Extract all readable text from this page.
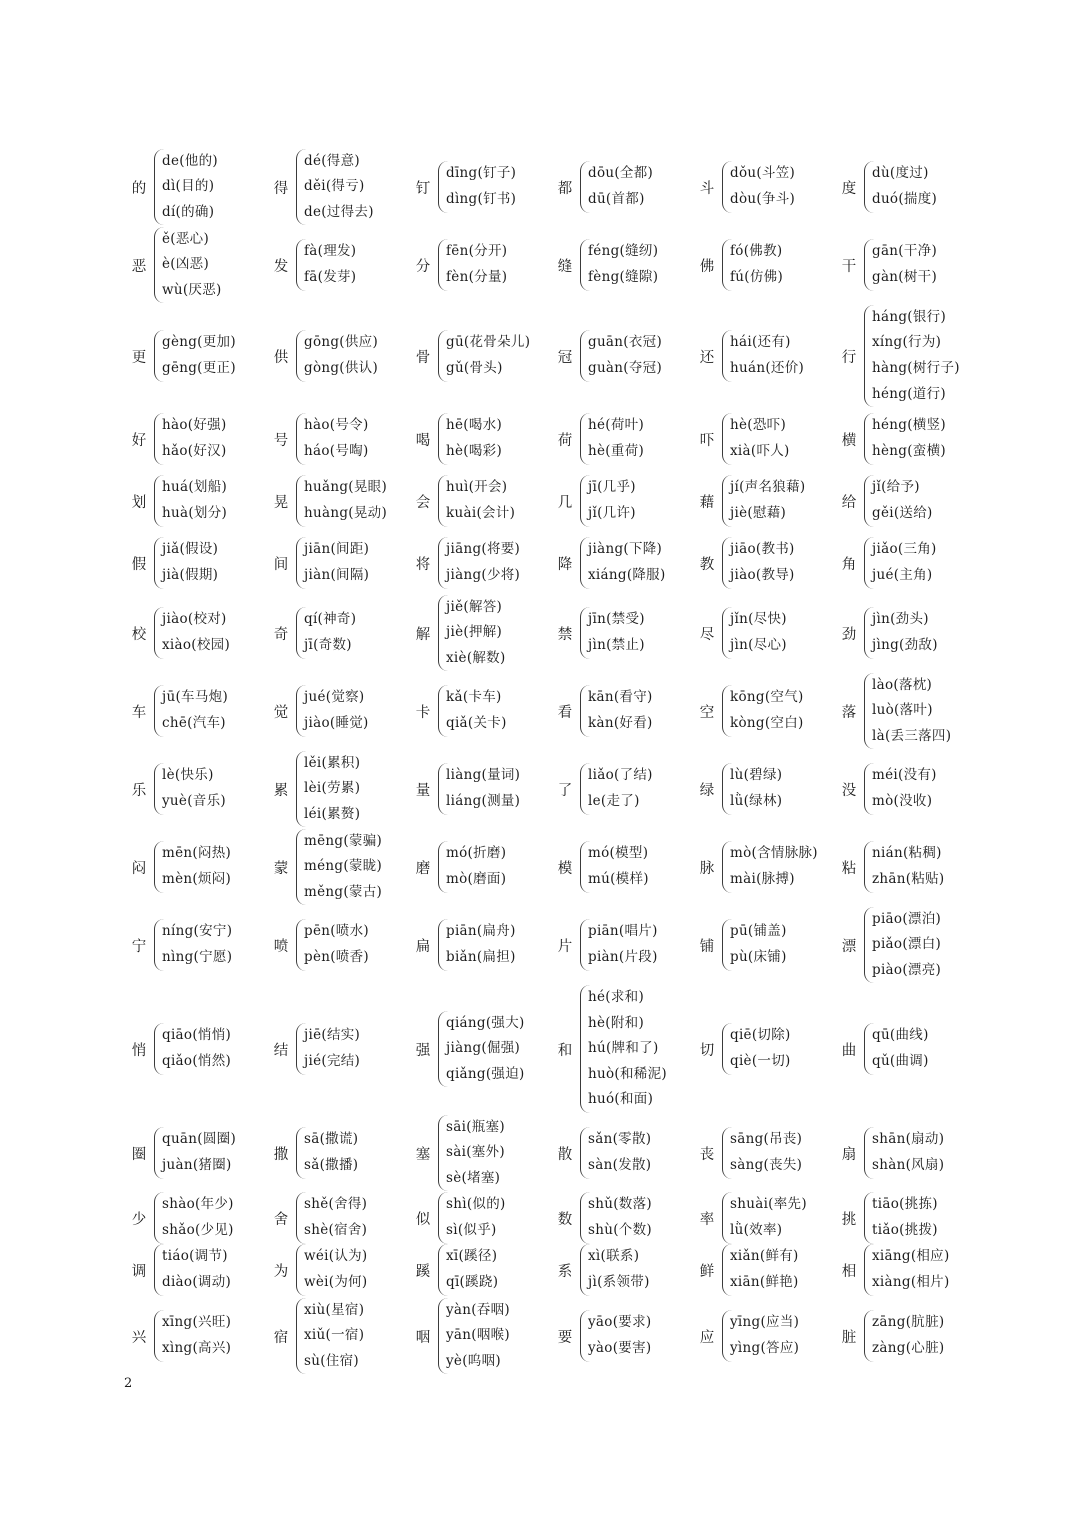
的
de(他的)
dì(目的)
dí(的确)
得
dé(得意)
děi(得亏)
de(过得去)
钉
dīng(钉子)
dìng(钉书)
都
dōu(全都)
dū(首都)
斗
dǒu(斗笠)
dòu(争斗)
度
dù(度过)
duó(揣度)
恶
ě(恶心)
è(凶恶)
wù(厌恶)
发
fà(理发)
fā(发芽)
分
fēn(分开)
fèn(分量)
缝
féng(缝纫)
fèng(缝隙)
佛
fó(佛教)
fú(仿佛)
干
gān(干净)
gàn(树干)
更
gèng(更加)
gēng(更正)
供
gōng(供应)
gòng(供认)
骨
gū(花骨朵儿)
gǔ(骨头)
冠
guān(衣冠)
guàn(夺冠)
还
hái(还有)
huán(还价)
行
háng(银行)
xíng(行为)
hàng(树行子)
héng(道行)
好
hào(好强)
hǎo(好汉)
号
hào(号令)
háo(号啕)
喝
hē(喝水)
hè(喝彩)
荷
hé(荷叶)
hè(重荷)
吓
hè(恐吓)
xià(吓人)
横
héng(横竖)
hèng(蛮横)
划
huá(划船)
huà(划分)
晃
huǎng(晃眼)
huàng(晃动)
会
huì(开会)
kuài(会计)
几
jī(几乎)
jǐ(几许)
藉
jí(声名狼藉)
jiè(慰藉)
给
jǐ(给予)
gěi(送给)
假
jiǎ(假设)
jià(假期)
间
jiān(间距)
jiàn(间隔)
将
jiāng(将要)
jiàng(少将)
降
jiàng(下降)
xiáng(降服)
教
jiāo(教书)
jiào(教导)
角
jiǎo(三角)
jué(主角)
校
jiào(校对)
xiào(校园)
奇
qí(神奇)
jī(奇数)
解
jiě(解答)
jiè(押解)
xiè(解数)
禁
jīn(禁受)
jìn(禁止)
尽
jǐn(尽快)
jìn(尽心)
劲
jìn(劲头)
jìng(劲敌)
车
jū(车马炮)
chē(汽车)
觉
jué(觉察)
jiào(睡觉)
卡
kǎ(卡车)
qiǎ(关卡)
看
kān(看守)
kàn(好看)
空
kōng(空气)
kòng(空白)
落
lào(落枕)
luò(落叶)
là(丢三落四)
乐
lè(快乐)
yuè(音乐)
累
lěi(累积)
lèi(劳累)
léi(累赘)
量
liàng(量词)
liáng(测量)
了
liǎo(了结)
le(走了)
绿
lù(碧绿)
lǜ(绿林)
没
méi(没有)
mò(没收)
闷
mēn(闷热)
mèn(烦闷)
蒙
mēng(蒙骗)
méng(蒙眬)
měng(蒙古)
磨
mó(折磨)
mò(磨面)
模
mó(模型)
mú(模样)
脉
mò(含情脉脉)
mài(脉搏)
粘
nián(粘稠)
zhān(粘贴)
宁
níng(安宁)
nìng(宁愿)
喷
pēn(喷水)
pèn(喷香)
扁
piān(扁舟)
biǎn(扁担)
片
piān(唱片)
piàn(片段)
铺
pū(铺盖)
pù(床铺)
漂
piāo(漂泊)
piǎo(漂白)
piào(漂亮)
悄
qiāo(悄悄)
qiǎo(悄然)
结
jiē(结实)
jié(完结)
强
qiáng(强大)
jiàng(倔强)
qiǎng(强迫)
和
hé(求和)
hè(附和)
hú(牌和了)
huò(和稀泥)
huó(和面)
切
qiē(切除)
qiè(一切)
曲
qū(曲线)
qǔ(曲调)
圈
quān(圆圈)
juàn(猪圈)
撒
sā(撒谎)
sǎ(撒播)
塞
sāi(瓶塞)
sài(塞外)
sè(堵塞)
散
sǎn(零散)
sàn(发散)
丧
sāng(吊丧)
sàng(丧失)
扇
shān(扇动)
shàn(风扇)
少
shào(年少)
shǎo(少见)
舍
shě(舍得)
shè(宿舍)
似
shì(似的)
sì(似乎)
数
shǔ(数落)
shù(个数)
率
shuài(率先)
lǜ(效率)
挑
tiāo(挑拣)
tiǎo(挑拨)
调
tiáo(调节)
diào(调动)
为
wéi(认为)
wèi(为何)
蹊
xī(蹊径)
qī(蹊跷)
系
xì(联系)
jì(系领带)
鲜
xiǎn(鲜有)
xiān(鲜艳)
相
xiāng(相应)
xiàng(相片)
兴
xīng(兴旺)
xìng(高兴)
宿
xiù(星宿)
xiǔ(一宿)
sù(住宿)
咽
yàn(吞咽)
yān(咽喉)
yè(呜咽)
要
yāo(要求)
yào(要害)
应
yīng(应当)
yìng(答应)
脏
zāng(肮脏)
zàng(心脏)
2
